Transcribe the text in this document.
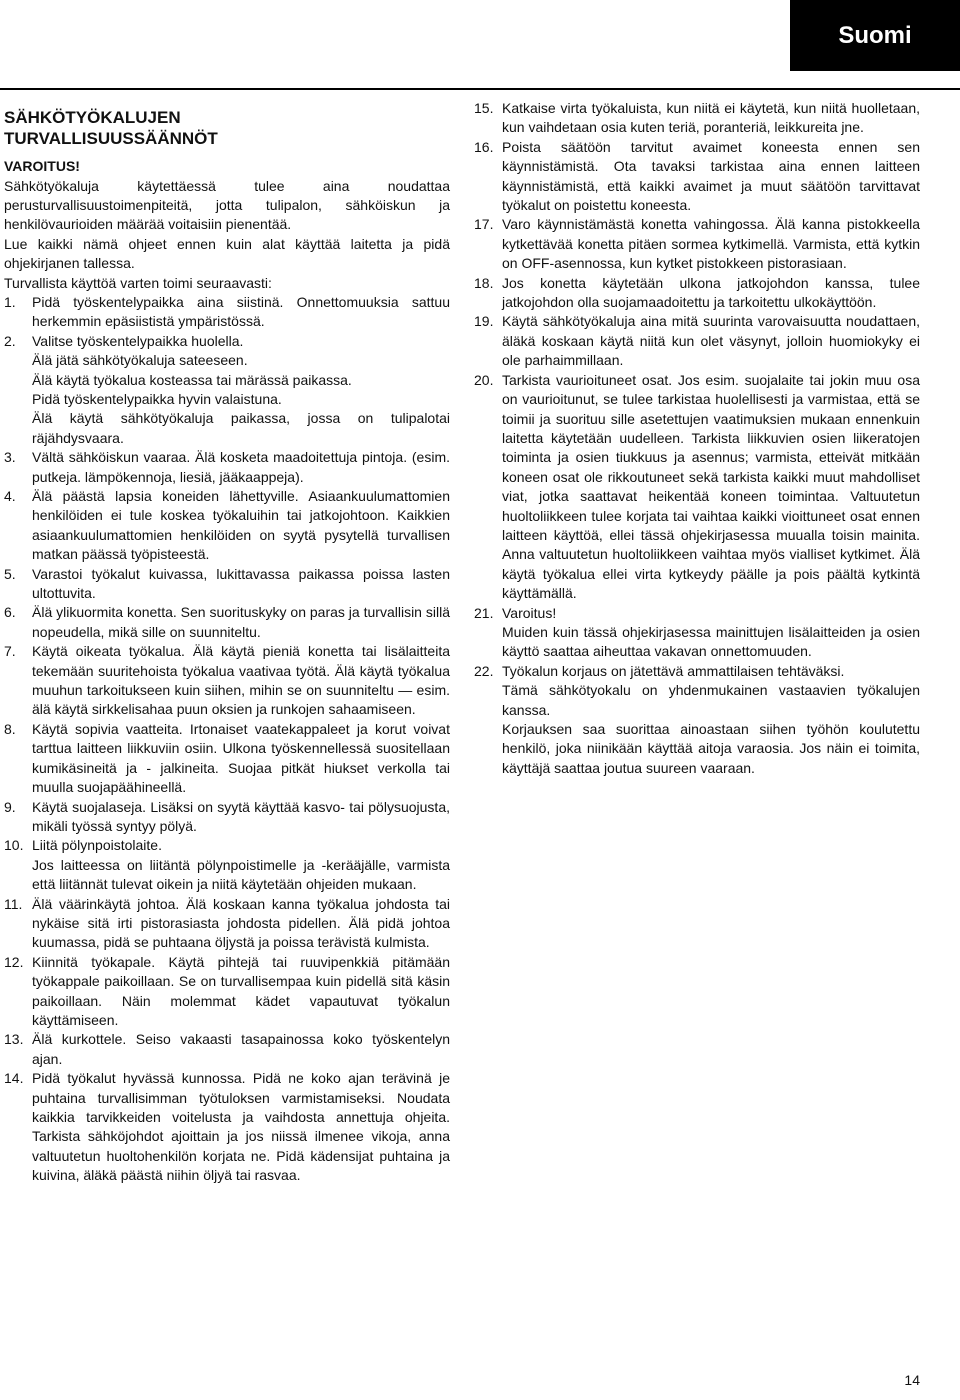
Suomi
SÄHKÖTYÖKALUJEN
TURVALLISUUSSÄÄNNÖT
VAROITUS!

Sähkötyökaluja käytettäessä tulee aina noudattaa perusturvallisuustoimenpiteitä, jotta tulipalon, sähköiskun ja henkilövaurioiden määrää voitaisiin pienentää.

Lue kaikki nämä ohjeet ennen kuin alat käyttää laitetta ja pidä ohjekirjanen tallessa.

Turvallista käyttöä varten toimi seuraavasti:

1.	Pidä työskentelypaikka aina siistinä. Onnettomuuksia sattuu herkemmin epäsiististä ympäristössä.
2.	Valitse työskentelypaikka huolella.
Älä jätä sähkötyökaluja sateeseen.
Älä käytä työkalua kosteassa tai märässä paikassa.
Pidä työskentelypaikka hyvin valaistuna.
Älä käytä sähkötyökaluja paikassa, jossa on tulipalotai räjähdysvaara.
3.	Vältä sähköiskun vaaraa. Älä kosketa maadoitettuja pintoja. (esim. putkeja. lämpökennoja, liesiä, jääkaappeja).
4.	Älä päästä lapsia koneiden lähettyville. Asiaankuulumattomien henkilöiden ei tule koskea työkaluihin tai jatkojohtoon. Kaikkien asiaankuulumattomien henkilöiden on syytä pysytellä turvallisen matkan päässä työpisteestä.
5.	Varastoi työkalut kuivassa, lukittavassa paikassa poissa lasten ultottuvita.
6.	Älä ylikuormita konetta. Sen suorituskyky on paras ja turvallisin sillä nopeudella, mikä sille on suunniteltu.
7.	Käytä oikeata työkalua. Älä käytä pieniä konetta tai lisälaitteita tekemään suuritehoista työkalua vaativaa työtä. Älä käytä työkalua muuhun tarkoitukseen kuin siihen, mihin se on suunniteltu — esim. älä käytä sirkkelisahaa puun oksien ja runkojen sahaamiseen.
8.	Käytä sopivia vaatteita. Irtonaiset vaatekappaleet ja korut voivat tarttua laitteen liikkuviin osiin. Ulkona työskennellessä suositellaan kumikäsineitä ja - jalkineita. Suojaa pitkät hiukset verkolla tai muulla suojapäähineellä.
9.	Käytä suojalaseja. Lisäksi on syytä käyttää kasvo- tai pölysuojusta, mikäli työssä syntyy pölyä.
10. Liitä pölynpoistolaite.
Jos laitteessa on liitäntä pölynpoistimelle ja -kerääjälle, varmista että liitännät tulevat oikein ja niitä käytetään ohjeiden mukaan.
11. Älä väärinkäytä johtoa. Älä koskaan kanna työkalua johdosta tai nykäise sitä irti pistorasiasta johdosta pidellen. Älä pidä johtoa kuumassa, pidä se puhtaana öljystä ja poissa terävistä kulmista.
12. Kiinnitä työkapale. Käytä pihtejä tai ruuvipenkkiä pitämään työkappale paikoillaan. Se on turvallisempaa kuin pidellä sitä käsin paikoillaan. Näin molemmat kädet vapautuvat työkalun käyttämiseen.
13. Älä kurkottele. Seiso vakaasti tasapainossa koko työskentelyn ajan.
14. Pidä työkalut hyvässä kunnossa. Pidä ne koko ajan terävinä je puhtaina turvallisimman työtuloksen varmistamiseksi. Noudata kaikkia tarvikkeiden voitelusta ja vaihdosta annettuja ohjeita. Tarkista sähköjohdot ajoittain ja jos niissä ilmenee vikoja, anna valtuutetun huoltohenkilön korjata ne. Pidä kädensijat puhtaina ja kuivina, äläkä päästä niihin öljyä tai rasvaa.
15. Katkaise virta työkaluista, kun niitä ei käytetä, kun niitä huolletaan, kun vaihdetaan osia kuten teriä, poranteriä, leikkureita jne.
16. Poista säätöön tarvitut avaimet koneesta ennen sen käynnistämistä. Ota tavaksi tarkistaa aina ennen laitteen käynnistämistä, että kaikki avaimet ja muut säätöön tarvittavat työkalut on poistettu koneesta.
17. Varo käynnistämästä konetta vahingossa. Älä kanna pistokkeella kytkettävää konetta pitäen sormea kytkimellä. Varmista, että kytkin on OFF-asennossa, kun kytket pistokkeen pistorasiaan.
18. Jos konetta käytetään ulkona jatkojohdon kanssa, tulee jatkojohdon olla suojamaadoitettu ja tarkoitettu ulkokäyttöön.
19. Käytä sähkötyökaluja aina mitä suurinta varovaisuutta noudattaen, äläkä koskaan käytä niitä kun olet väsynyt, jolloin huomiokyky ei ole parhaimmillaan.
20. Tarkista vaurioituneet osat. Jos esim. suojalaite tai jokin muu osa on vaurioitunut, se tulee tarkistaa huolellisesti ja varmistaa, että se toimii ja suorituu sille asetettujen vaatimuksien mukaan ennenkuin laitetta käytetään uudelleen. Tarkista liikkuvien osien liikeratojen toiminta ja osien tiukkuus ja asennus; varmista, etteivät mitkään koneen osat ole rikkoutuneet sekä tarkista kaikki muut mahdolliset viat, jotka saattavat heikentää koneen toimintaa. Valtuutetun huoltoliikkeen tulee korjata tai vaihtaa kaikki vioittuneet osat ennen laitteen käyttöä, ellei tässä ohjekirjasessa muualla toisin mainita. Anna valtuutetun huoltoliikkeen vaihtaa myös vialliset kytkimet. Älä käytä työkalua ellei virta kytkeydy päälle ja pois päältä kytkintä käyttämällä.
21. Varoitus!
Muiden kuin tässä ohjekirjasessa mainittujen lisälaitteiden ja osien käyttö saattaa aiheuttaa vakavan onnettomuuden.
22. Työkalun korjaus on jätettävä ammattilaisen tehtäväksi.
Tämä sähkötyokalu on yhdenmukainen vastaavien työkalujen kanssa.
Korjauksen saa suorittaa ainoastaan siihen työhön koulutettu henkilö, joka niinikään käyttää aitoja varaosia. Jos näin ei toimita, käyttäjä saattaa joutua suureen vaaraan.
14
